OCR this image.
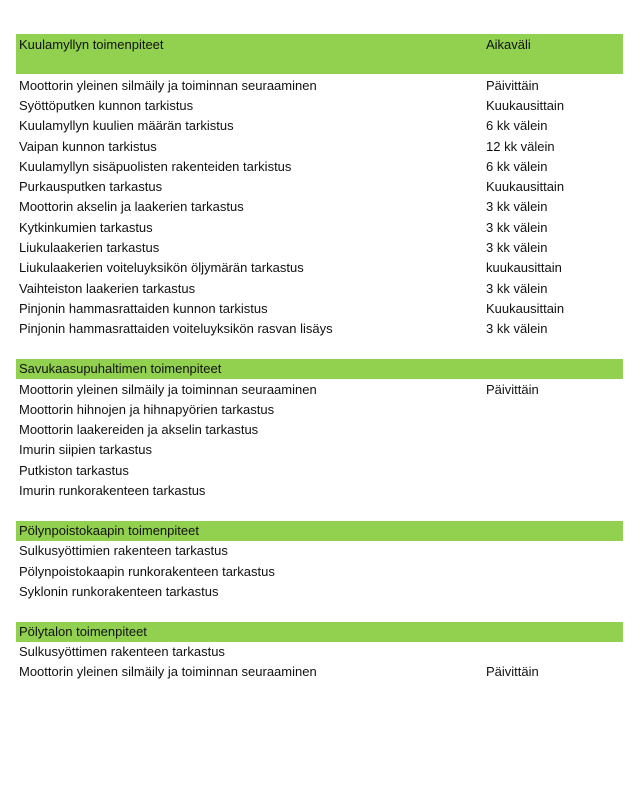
Kuulamyllyn toimenpiteet	Aikaväli
Moottorin yleinen silmäily ja toiminnan seuraaminen	Päivittäin
Syöttöputken kunnon tarkistus	Kuukausittain
Kuulamyllyn kuulien määrän tarkistus	6 kk välein
Vaipan kunnon tarkistus	12 kk välein
Kuulamyllyn sisäpuolisten rakenteiden tarkistus	6 kk välein
Purkausputken tarkastus	Kuukausittain
Moottorin akselin ja laakerien tarkastus	3 kk välein
Kytkinkumien tarkastus	3 kk välein
Liukulaakerien tarkastus	3 kk välein
Liukulaakerien voiteluyksikön öljymärän tarkastus	kuukausittain
Vaihteiston laakerien tarkastus	3 kk välein
Pinjonin hammasrattaiden kunnon tarkistus	Kuukausittain
Pinjonin hammasrattaiden voiteluyksikön rasvan lisäys	3 kk välein
Savukaasupuhaltimen toimenpiteet
Moottorin yleinen silmäily ja toiminnan seuraaminen	Päivittäin
Moottorin hihnojen ja hihnapyörien tarkastus
Moottorin laakereiden ja akselin tarkastus
Imurin siipien tarkastus
Putkiston tarkastus
Imurin runkorakenteen tarkastus
Pölynpoistokaapin toimenpiteet
Sulkusyöttimien rakenteen tarkastus
Pölynpoistokaapin runkorakenteen tarkastus
Syklonin runkorakenteen tarkastus
Pölytalon toimenpiteet
Sulkusyöttimen rakenteen tarkastus
Moottorin yleinen silmäily ja toiminnan seuraaminen	Päivittäin
